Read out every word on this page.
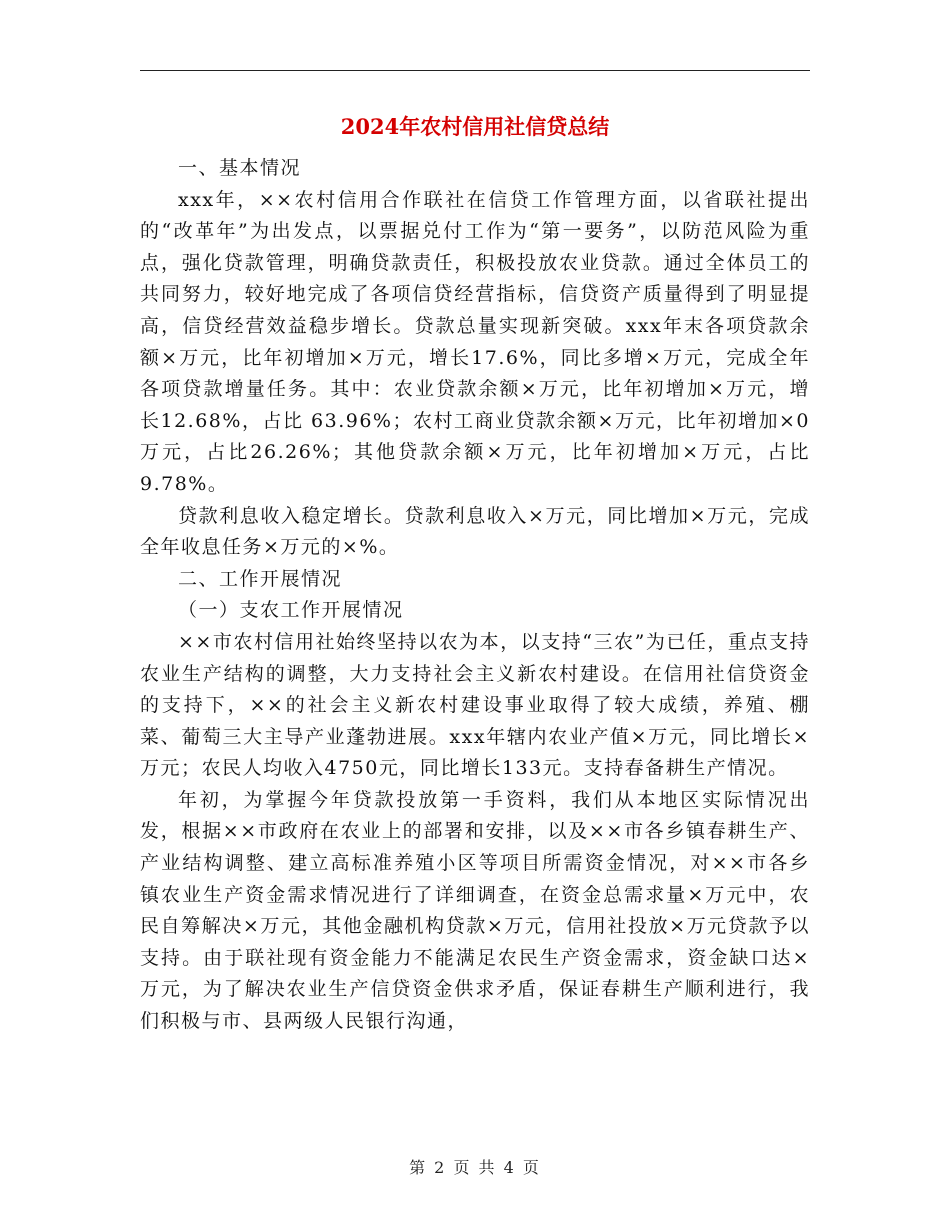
2024年农村信用社信贷总结

一、基本情况

xxx年，××农村信用合作联社在信贷工作管理方面，以省联社提出的“改革年”为出发点，以票据兑付工作为“第一要务”，以防范风险为重点，强化贷款管理，明确贷款责任，积极投放农业贷款。通过全体员工的共同努力，较好地完成了各项信贷经营指标，信贷资产质量得到了明显提高，信贷经营效益稳步增长。贷款总量实现新突破。xxx年末各项贷款余额×万元，比年初增加×万元，增长17.6%，同比多增×万元，完成全年各项贷款增量任务。其中：农业贷款余额×万元，比年初增加×万元，增长12.68%，占比 63.96%；农村工商业贷款余额×万元，比年初增加×0万元，占比26.26%；其他贷款余额×万元，比年初增加×万元，占比9.78%。

贷款利息收入稳定增长。贷款利息收入×万元，同比增加×万元，完成全年收息任务×万元的×%。

二、工作开展情况

（一）支农工作开展情况

××市农村信用社始终坚持以农为本，以支持“三农”为已任，重点支持农业生产结构的调整，大力支持社会主义新农村建设。在信用社信贷资金的支持下，××的社会主义新农村建设事业取得了较大成绩，养殖、棚菜、葡萄三大主导产业蓬勃进展。xxx年辖内农业产值×万元，同比增长×万元；农民人均收入4750元，同比增长133元。支持春备耕生产情况。

年初，为掌握今年贷款投放第一手资料，我们从本地区实际情况出发，根据××市政府在农业上的部署和安排，以及××市各乡镇春耕生产、产业结构调整、建立高标准养殖小区等项目所需资金情况，对××市各乡镇农业生产资金需求情况进行了详细调查，在资金总需求量×万元中，农民自筹解决×万元，其他金融机构贷款×万元，信用社投放×万元贷款予以支持。由于联社现有资金能力不能满足农民生产资金需求，资金缺口达×万元，为了解决农业生产信贷资金供求矛盾，保证春耕生产顺利进行，我们积极与市、县两级人民银行沟通，

第 2 页 共 4 页
